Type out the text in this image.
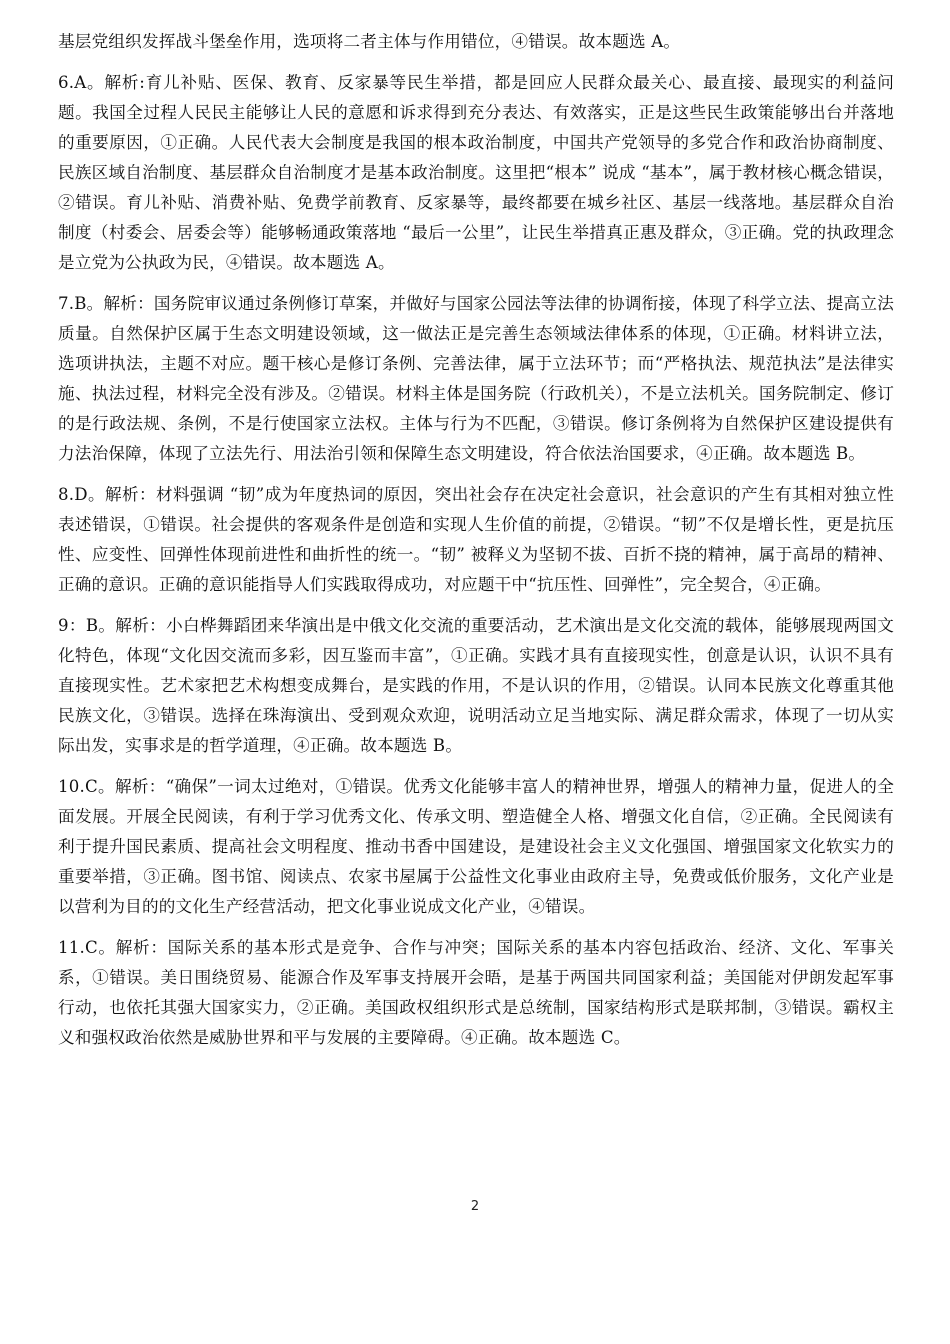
基层党组织发挥战斗堡垒作用，选项将二者主体与作用错位，④错误。故本题选 A。

6.A。解析:育儿补贴、医保、教育、反家暴等民生举措，都是回应人民群众最关心、最直接、最现实的利益问题。我国全过程人民民主能够让人民的意愿和诉求得到充分表达、有效落实，正是这些民生政策能够出台并落地的重要原因，①正确。人民代表大会制度是我国的根本政治制度，中国共产党领导的多党合作和政治协商制度、民族区域自治制度、基层群众自治制度才是基本政治制度。这里把“根本” 说成 “基本”，属于教材核心概念错误，②错误。育儿补贴、消费补贴、免费学前教育、反家暴等，最终都要在城乡社区、基层一线落地。基层群众自治制度（村委会、居委会等）能够畅通政策落地 “最后一公里”，让民生举措真正惠及群众，③正确。党的执政理念是立党为公执政为民，④错误。故本题选 A。

7.B。解析：国务院审议通过条例修订草案，并做好与国家公园法等法律的协调衔接，体现了科学立法、提高立法质量。自然保护区属于生态文明建设领域，这一做法正是完善生态领域法律体系的体现，①正确。材料讲立法，选项讲执法，主题不对应。题干核心是修订条例、完善法律，属于立法环节；而“严格执法、规范执法”是法律实施、执法过程，材料完全没有涉及。②错误。材料主体是国务院（行政机关），不是立法机关。国务院制定、修订的是行政法规、条例，不是行使国家立法权。主体与行为不匹配，③错误。修订条例将为自然保护区建设提供有力法治保障，体现了立法先行、用法治引领和保障生态文明建设，符合依法治国要求，④正确。故本题选 B。

8.D。解析：材料强调 “韧”成为年度热词的原因，突出社会存在决定社会意识，社会意识的产生有其相对独立性表述错误，①错误。社会提供的客观条件是创造和实现人生价值的前提，②错误。“韧”不仅是增长性，更是抗压性、应变性、回弹性体现前进性和曲折性的统一。“韧” 被释义为坚韧不拔、百折不挠的精神，属于高昂的精神、正确的意识。正确的意识能指导人们实践取得成功，对应题干中“抗压性、回弹性”，完全契合，④正确。

9：B。解析：小白桦舞蹈团来华演出是中俄文化交流的重要活动，艺术演出是文化交流的载体，能够展现两国文化特色，体现“文化因交流而多彩，因互鉴而丰富”，①正确。实践才具有直接现实性，创意是认识，认识不具有直接现实性。艺术家把艺术构想变成舞台，是实践的作用，不是认识的作用，②错误。认同本民族文化尊重其他民族文化，③错误。选择在珠海演出、受到观众欢迎，说明活动立足当地实际、满足群众需求，体现了一切从实际出发，实事求是的哲学道理，④正确。故本题选 B。

10.C。解析：“确保”一词太过绝对，①错误。优秀文化能够丰富人的精神世界，增强人的精神力量，促进人的全面发展。开展全民阅读，有利于学习优秀文化、传承文明、塑造健全人格、增强文化自信，②正确。全民阅读有利于提升国民素质、提高社会文明程度、推动书香中国建设，是建设社会主义文化强国、增强国家文化软实力的重要举措，③正确。图书馆、阅读点、农家书屋属于公益性文化事业由政府主导，免费或低价服务，文化产业是以营利为目的的文化生产经营活动，把文化事业说成文化产业，④错误。

11.C。解析：国际关系的基本形式是竞争、合作与冲突；国际关系的基本内容包括政治、经济、文化、军事关系，①错误。美日围绕贸易、能源合作及军事支持展开会晤，是基于两国共同国家利益；美国能对伊朗发起军事行动，也依托其强大国家实力，②正确。美国政权组织形式是总统制，国家结构形式是联邦制，③错误。霸权主义和强权政治依然是威胁世界和平与发展的主要障碍。④正确。故本题选 C。

2
